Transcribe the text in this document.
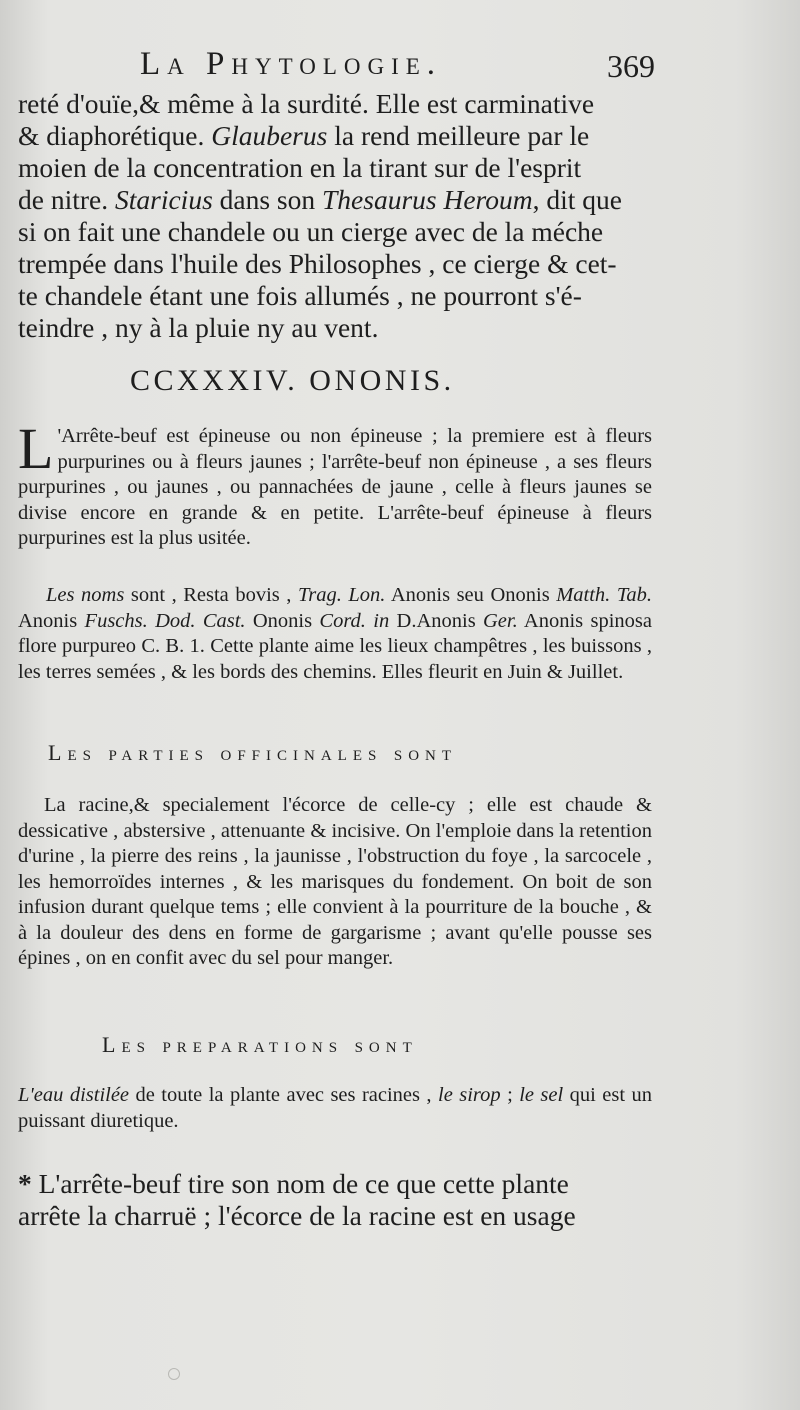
La Phytologie.	369

reté d'ouïe,& même à la surdité. Elle est carminative
& diaphorétique. Glauberus la rend meilleure par le
moien de la concentration en la tirant sur de l'esprit
de nitre. Staricius dans son Thesaurus Heroum, dit que
si on fait une chandele ou un cierge avec de la méche
trempée dans l'huile des Philosophes , ce cierge & cet-
te chandele étant une fois allumés , ne pourront s'é-
teindre , ny à la pluie ny au vent.

CCXXXIV. ONONIS.

L 'Arrête-beuf est épineuse ou non épineuse ; la premiere est à fleurs purpurines ou à fleurs jaunes ; l'arrête-beuf non épineuse , a ses fleurs purpurines , ou jaunes , ou pannachées de jaune , celle à fleurs jaunes se divise encore en grande & en petite. L'arrête-beuf épineuse à fleurs purpurines est la plus usitée.

Les noms sont , Resta bovis , Trag. Lon. Anonis seu Ononis Matth. Tab. Anonis Fuschs. Dod. Cast. Ononis Cord. in D.Anonis Ger. Anonis spinosa flore purpureo C. B. 1. Cette plante aime les lieux champêtres , les buissons , les terres semées , & les bords des chemins. Elles fleurit en Juin & Juillet.

Les parties officinales sont

La racine,& specialement l'écorce de celle-cy ; elle est chaude & dessicative , abstersive , attenuante & incisive. On l'emploie dans la retention d'urine , la pierre des reins , la jaunisse , l'obstruction du foye , la sarcocele , les hemorroïdes internes , & les marisques du fondement. On boit de son infusion durant quelque tems ; elle convient à la pourriture de la bouche , & à la douleur des dens en forme de gargarisme ; avant qu'elle pousse ses épines , on en confit avec du sel pour manger.

Les preparations sont

L'eau distilée de toute la plante avec ses racines , le sirop ; le sel qui est un puissant diuretique.

* L'arrête-beuf tire son nom de ce que cette plante
arrête la charruë ; l'écorce de la racine est en usage
